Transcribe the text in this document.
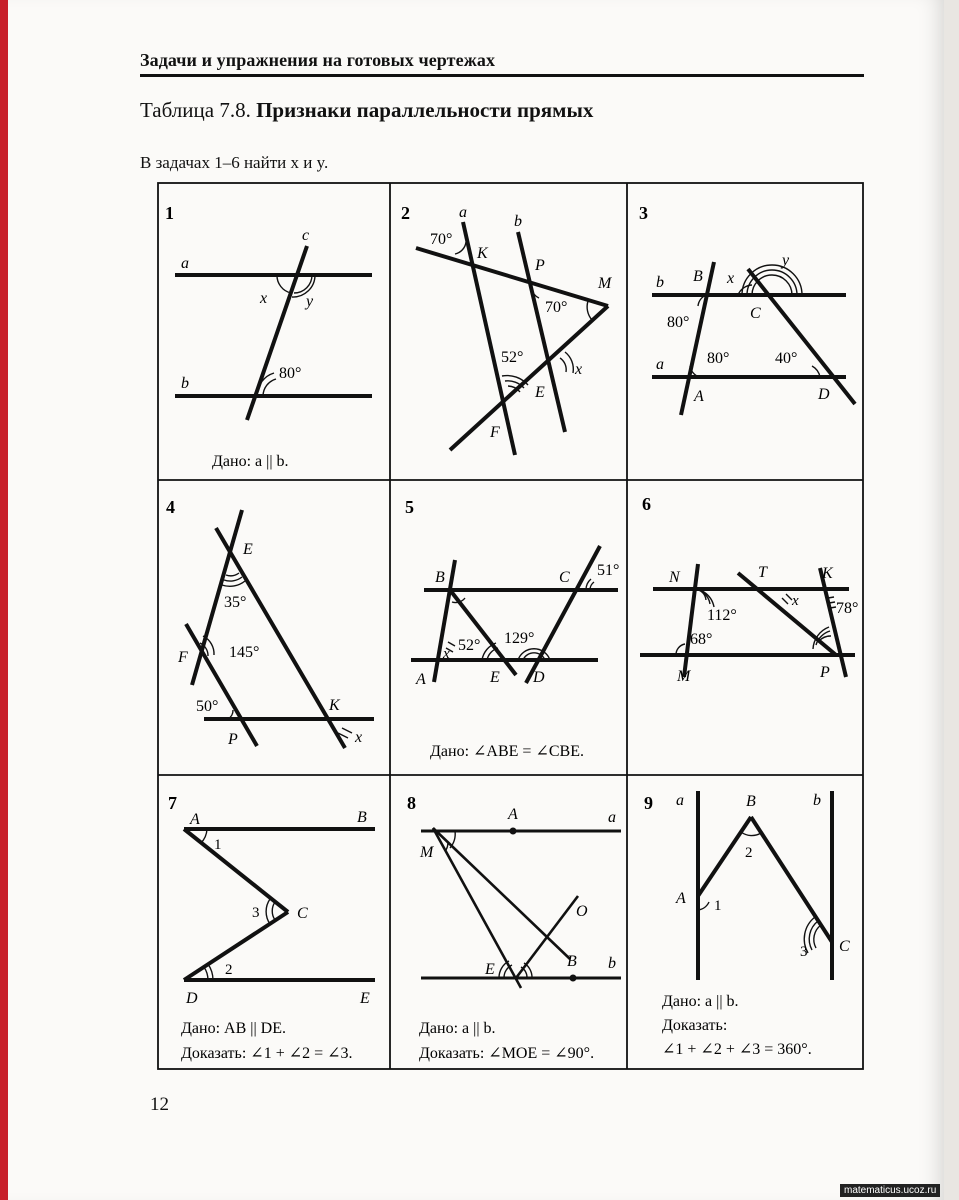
Задачи и упражнения на готовых чертежах
Таблица 7.8. Признаки параллельности прямых
В задачах 1–6 найти x и y.
1
a
b
c
x y
80°
Дано: a || b.
2	a
b
K
P
M
E
F
x
70°
70°
52°
3
b
a
B
C
A	D
x
y
80°
80°	40°
4
E
F
P
K
x
35°
145°
50°
5
B	C
A	E D
x
51°
52° 129°
Дано: ∠ABE = ∠CBE.
6
N	T	K
M	P
x
112°
68°
78°
7
A	B
C
D	E
1
2
3
Дано: AB || DE.
Доказать: ∠1 + ∠2 = ∠3.
8
A	a
M
O
E	B b
Дано: a || b.
Доказать: ∠MOE = ∠90°.
9 a	B	b
A
C
1
2
3
Дано: a || b.
Доказать:
∠1 + ∠2 + ∠3 = 360°.
12
matematicus.ucoz.ru
